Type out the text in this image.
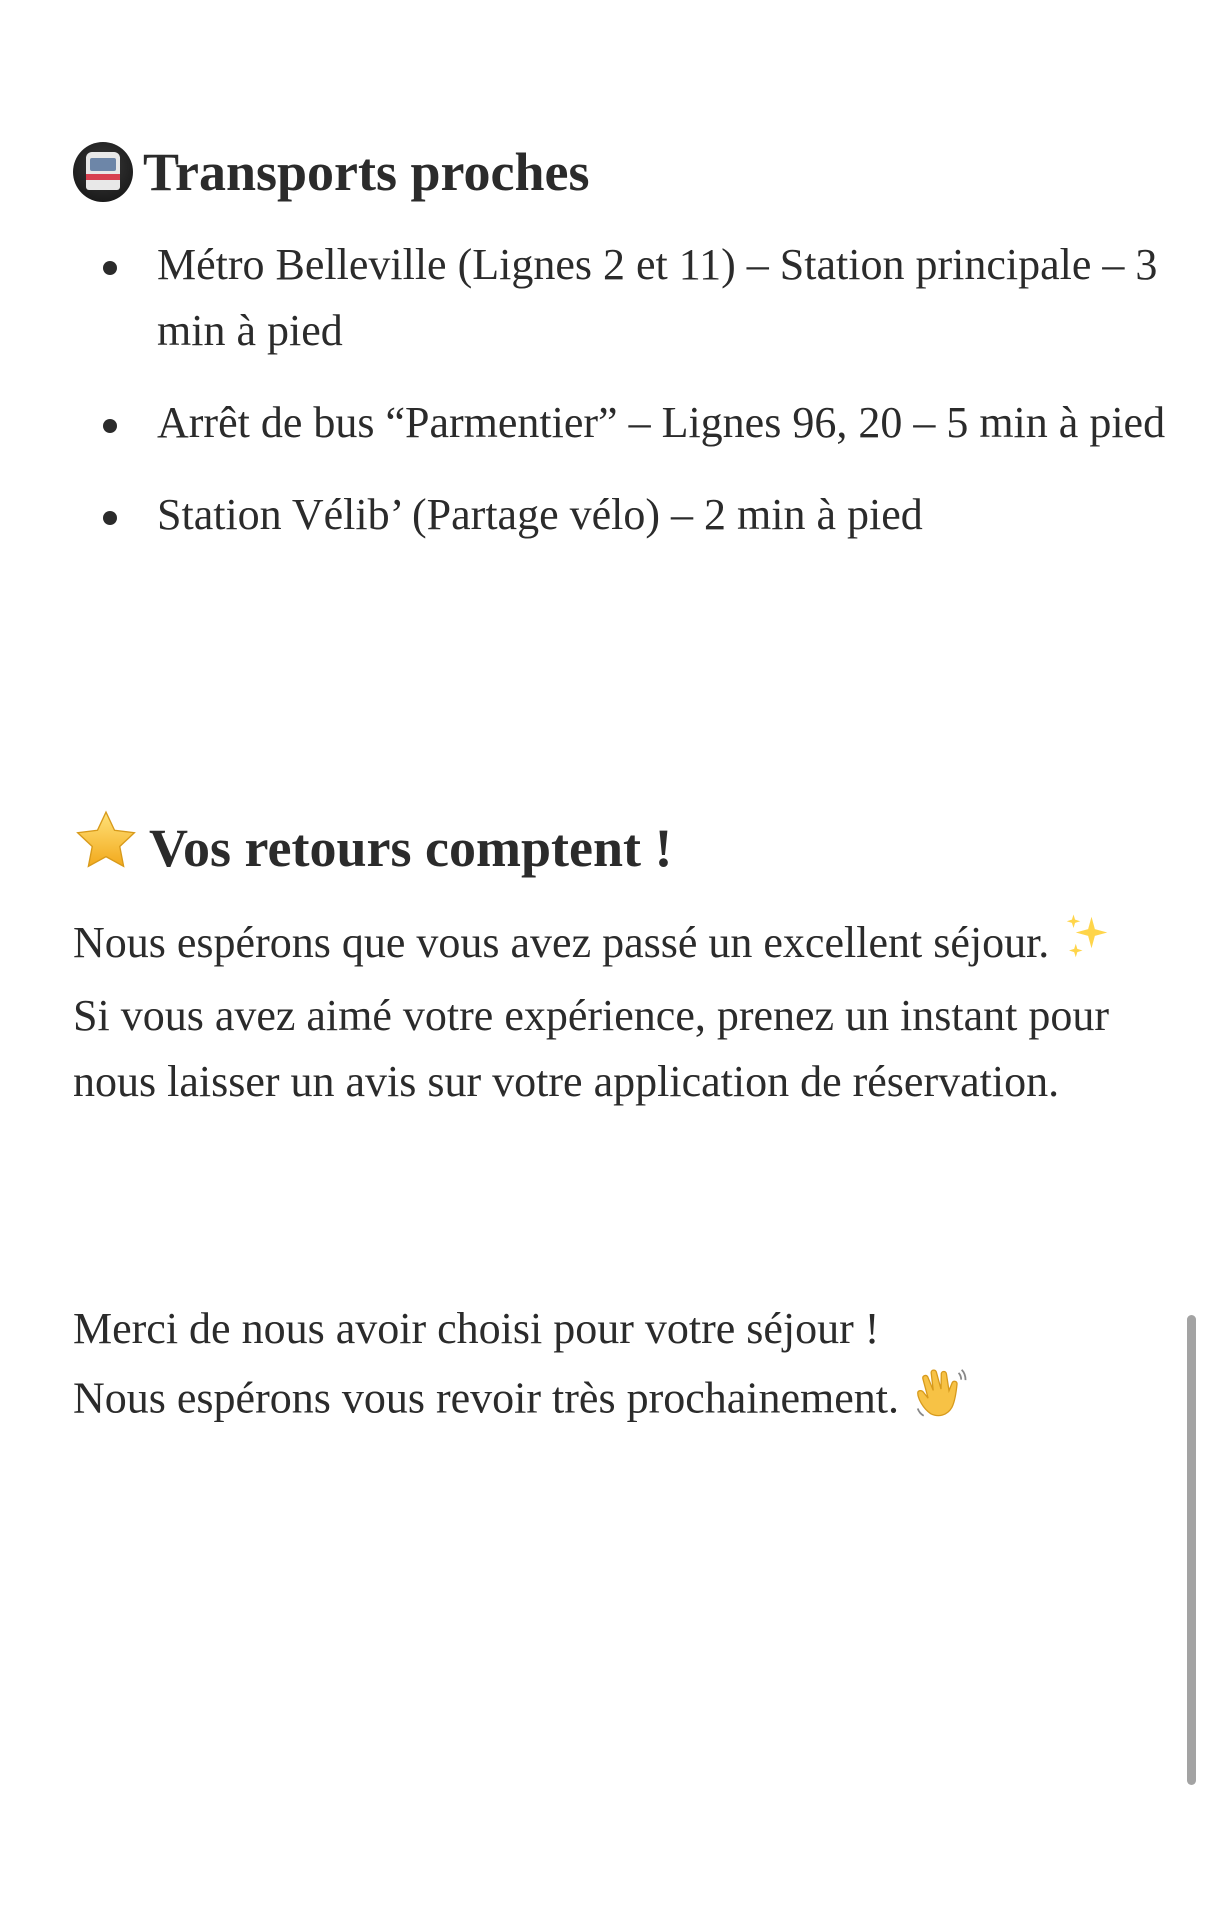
Transports proches
Métro Belleville (Lignes 2 et 11) – Station principale – 3 min à pied
Arrêt de bus “Parmentier” – Lignes 96, 20 – 5 min à pied
Station Vélib’ (Partage vélo) – 2 min à pied
Vos retours comptent !

Nous espérons que vous avez passé un excellent séjour.  Si vous avez aimé votre expérience, prenez un instant pour nous laisser un avis sur votre application de réservation.

Merci de nous avoir choisi pour votre séjour !
Nous espérons vous revoir très prochainement.
